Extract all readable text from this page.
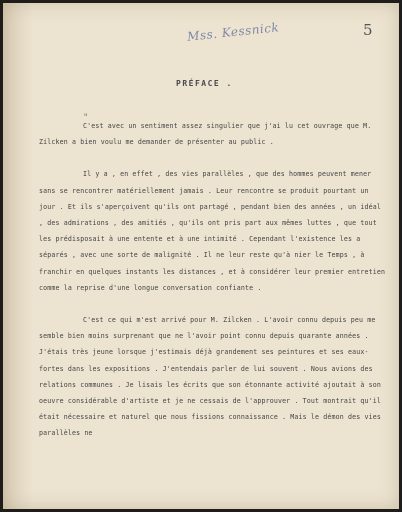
Mss. Kessnick	5
PRÉFACE .
"

C'est avec un sentiment assez singulier que j'ai lu cet ouvrage que M. Zilcken a bien voulu me demander de présenter au public .

Il y a , en effet , des vies parallèles , que des hommes peuvent mener sans se rencontrer matériellement jamais . Leur rencontre se produit pourtant un jour . Et ils s'aperçoivent qu'ils ont partagé , pendant bien des années , un idéal , des admirations , des amitiés , qu'ils ont pris part aux mêmes luttes , que tout les prédisposait à une entente et à une intimité . Cependant l'existence les a séparés , avec une sorte de malignité . Il ne leur reste qu'à nier le Temps , à franchir en quelques instants les distances , et à considérer leur premier entretien comme la reprise d'une longue conversation confiante .

C'est ce qui m'est arrivé pour M. Zilcken . L'avoir connu depuis peu me semble bien moins surprenant que ne l'avoir point connu depuis quarante années . J'étais très jeune lorsque j'estimais déjà grandement ses peintures et ses eaux-fortes dans les expositions . J'entendais parler de lui souvent . Nous avions des relations communes . Je lisais les écrits que son étonnante activité ajoutait à son oeuvre considérable d'artiste et je ne cessais de l'approuver . Tout montrait qu'il était nécessaire et naturel que nous fissions connaissance . Mais le démon des vies parallèles ne
